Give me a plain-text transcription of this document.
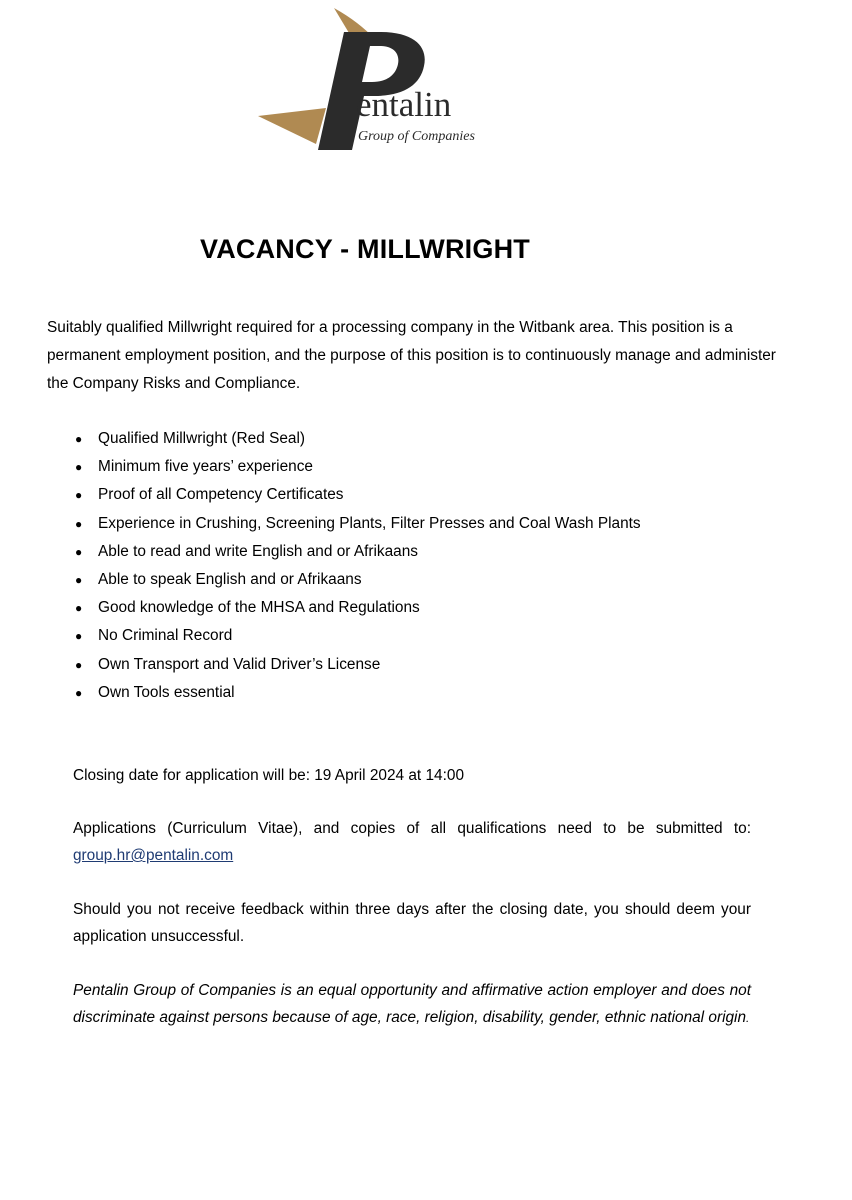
entalin
Group of Companies
VACANCY - MILLWRIGHT

Suitably qualified Millwright required for a processing company in the Witbank area. This position is a permanent employment position, and the purpose of this position is to continuously manage and administer the Company Risks and Compliance.

● Qualified Millwright (Red Seal)
● Minimum five years’ experience
● Proof of all Competency Certificates
● Experience in Crushing, Screening Plants, Filter Presses and Coal Wash Plants
● Able to read and write English and or Afrikaans
● Able to speak English and or Afrikaans
● Good knowledge of the MHSA and Regulations
● No Criminal Record
● Own Transport and Valid Driver’s License
● Own Tools essential

Closing date for application will be: 19 April 2024 at 14:00

Applications (Curriculum Vitae), and copies of all qualifications need to be submitted to: group.hr@pentalin.com

Should you not receive feedback within three days after the closing date, you should deem your application unsuccessful.

Pentalin Group of Companies is an equal opportunity and affirmative action employer and does not discriminate against persons because of age, race, religion, disability, gender, ethnic national origin.
